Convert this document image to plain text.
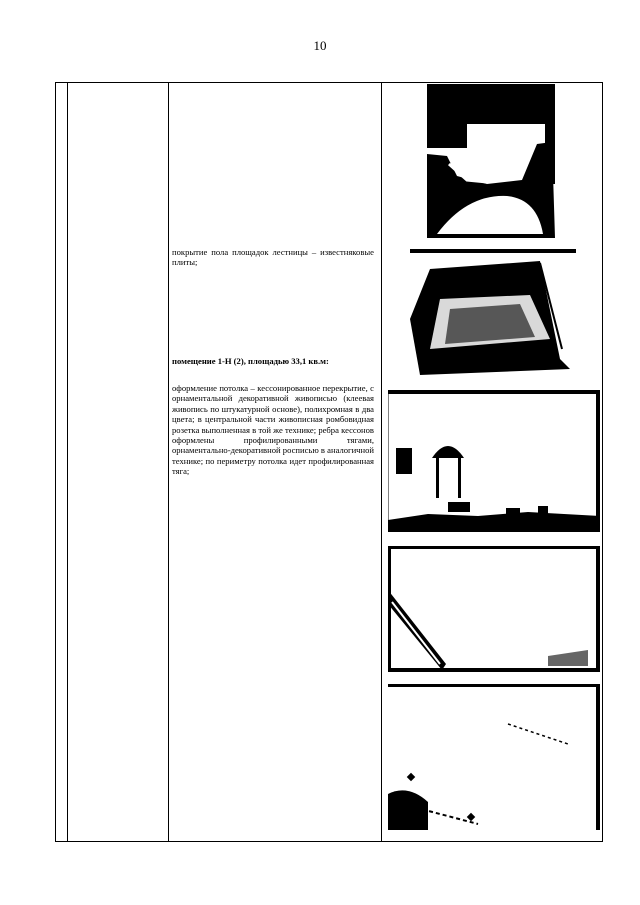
10
покрытие пола площадок лестницы – известняковые плиты;
помещение 1-Н (2), площадью 33,1 кв.м:
оформление потолка – кессонированное перекрытие, с орнаментальной декоративной живописью (клеевая живопись по штукатурной основе), полихромная в два цвета; в центральной части живописная ромбовидная розетка выполненная в той же технике; ребра кессонов оформлены профилированными тягами, орнаментально-декоративной росписью в аналогичной технике; по периметру потолка идет профилированная тяга;
